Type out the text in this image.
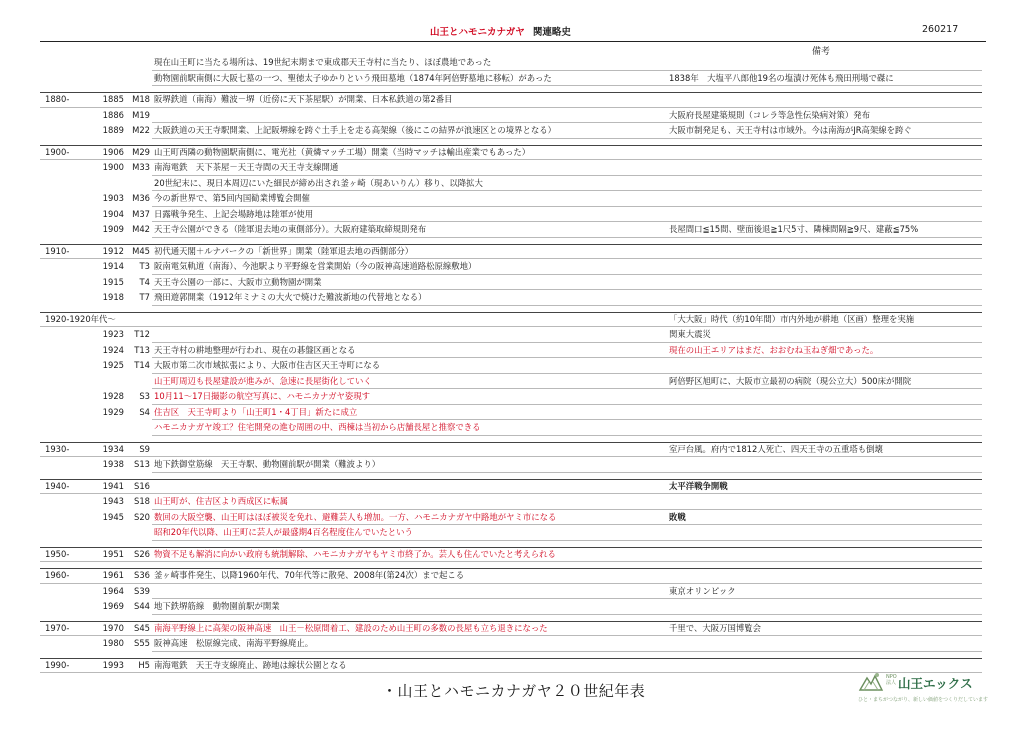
山王とハモニカナガヤ 関連略史	260217
備考
現在山王町に当たる場所は、19世紀末期まで東成郡天王寺村に当たり、ほぼ農地であった
動物園前駅南側に大阪七墓の一つ、聖徳太子ゆかりという飛田墓地（1874年阿倍野墓地に移転）があった	1838年　大塩平八郎他19名の塩漬け死体も飛田刑場で磔に
1880-	1885 M18 阪堺鉄道（南海）難波－堺（近傍に天下茶屋駅）が開業、日本私鉄道の第2番目
1886 M19	大阪府長屋建築規則（コレラ等急性伝染病対策）発布
1889 M22 大阪鉄道の天王寺駅開業、上記阪堺線を跨ぐ土手上を走る高架線（後にこの結界が浪速区との境界となる）	大阪市制発足も、天王寺村は市域外。今は南海がJR高架線を跨ぐ
1900-	1906 M29 山王町西隣の動物園駅南側に、電光社（黄燐マッチ工場）開業（当時マッチは輸出産業でもあった）
1900 M33 南海電鉄　天下茶屋－天王寺間の天王寺支線開通
20世紀末に、現日本周辺にいた細民が締め出され釜ヶ崎（現あいりん）移り、以降拡大
1903 M36 今の新世界で、第5回内国勧業博覧会開催
1904 M37 日露戦争発生、上記会場跡地は陸軍が使用
1909 M42 天王寺公園ができる（陸軍退去地の東側部分）。大阪府建築取締規則発布	長屋間口≦15間、壁面後退≧1尺5寸、隣棟間隔≧9尺、建蔽≦75%
1910-	1912 M45 初代通天閣＋ルナパークの「新世界」開業（陸軍退去地の西側部分）
1914	T3 阪南電気軌道（南海）、今池駅より平野線を営業開始（今の阪神高速道路松原線敷地）
1915	T4 天王寺公園の一部に、大阪市立動物園が開業
1918	T7 飛田遊郭開業（1912年ミナミの大火で焼けた難波新地の代替地となる）
1920-1920年代～	「大大阪」時代（約10年間）市内外地が耕地（区画）整理を実施
1923	T12	関東大震災
1924	T13 天王寺村の耕地整理が行われ、現在の碁盤区画となる	現在の山王エリアはまだ、おおむね玉ねぎ畑であった。
1925	T14 大阪市第二次市域拡張により、大阪市住吉区天王寺町になる
山王町周辺も長屋建設が進みが、急速に長屋街化していく	阿倍野区旭町に、大阪市立最初の病院（現公立大）500床が開院
1928	S3 10月11～17日撮影の航空写真に、ハモニカナガヤ姿現す
1929	S4 住吉区　天王寺町より「山王町1・4丁目」新たに成立
ハモニカナガヤ竣工？住宅開発の進む周囲の中、西棟は当初から店舗長屋と推察できる
1930-	1934	S9	室戸台風。府内で1812人死亡、四天王寺の五重塔も倒壊
1938	S13 地下鉄御堂筋線　天王寺駅、動物園前駅が開業（難波より）
1940-	1941	S16	太平洋戦争開戦
1943	S18 山王町が、住吉区より西成区に転属
1945	S20 数回の大阪空襲、山王町はほぼ被災を免れ、避難芸人も増加。一方、ハモニカナガヤ中路地がヤミ市になる	敗戦
昭和20年代以降、山王町に芸人が最盛期4百名程度住んでいたという
1950-	1951	S26 物資不足も解消に向かい政府も統制解除、ハモニカナガヤもヤミ市終了か。芸人も住んでいたと考えられる
1960-	1961	S36 釜ヶ崎事件発生、以降1960年代、70年代等に散発、2008年(第24次）まで起こる
1964	S39	東京オリンピック
1969	S44 地下鉄堺筋線　動物園前駅が開業
1970-	1970	S45 南海平野線上に高架の阪神高速　山王－松原間着工、建設のため山王町の多数の長屋も立ち退きになった	千里で、大阪万国博覧会
1980	S55 阪神高速　松原線完成、南海平野線廃止。
1990-	1993	H5 南海電鉄　天王寺支線廃止、跡地は線状公園となる
・山王とハモニカナガヤ２０世紀年表
NPO 法人 山王エックス
ひと・まちがつながり、新しい価値をつくりだしています
